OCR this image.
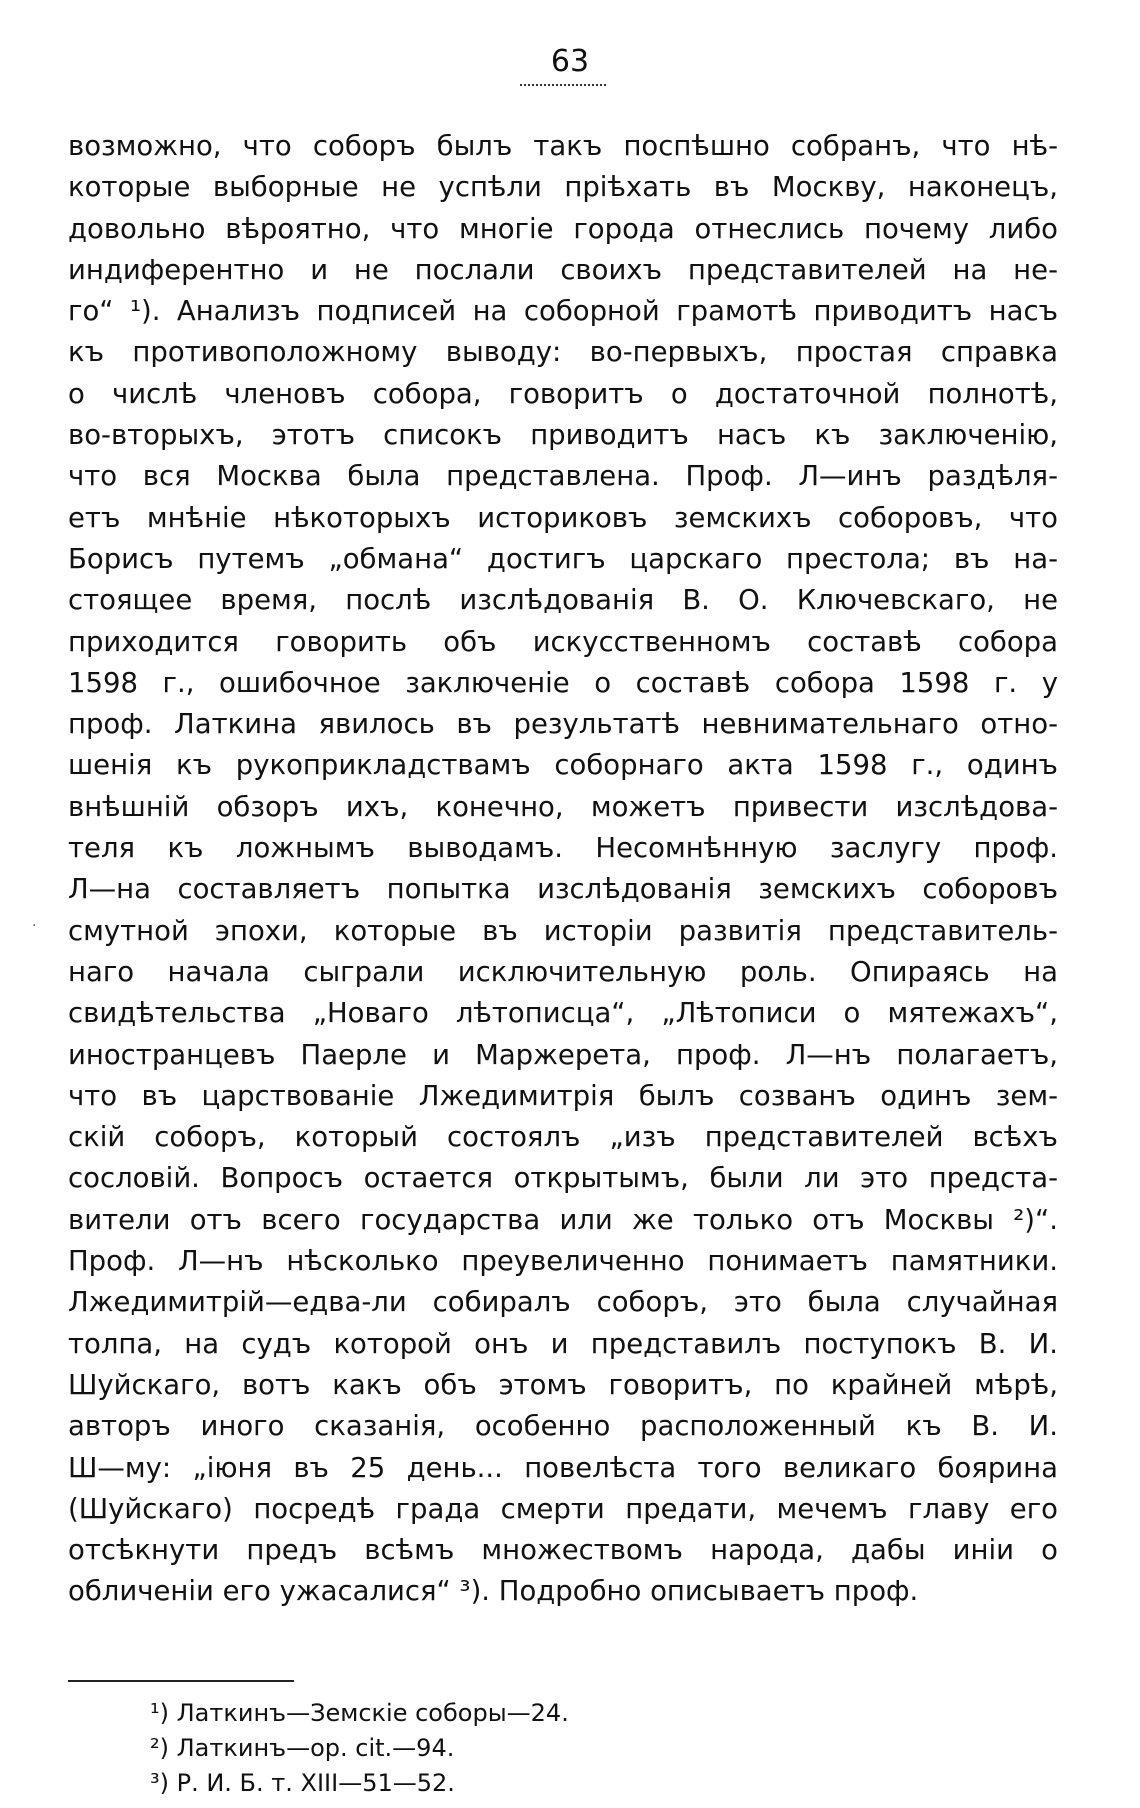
63
·
возможно, что соборъ былъ такъ поспѣшно собранъ, что нѣ-
которые выборные не успѣли пріѣхать въ Москву, наконецъ,
довольно вѣроятно, что многіе города отнеслись почему либо
индиферентно и не послали своихъ представителей на не-
го“ ¹). Анализъ подписей на соборной грамотѣ приводитъ насъ
къ противоположному выводу: во-первыхъ, простая справка
о числѣ членовъ собора, говоритъ о достаточной полнотѣ,
во-вторыхъ, этотъ списокъ приводитъ насъ къ заключенію,
что вся Москва была представлена. Проф. Л—инъ раздѣля-
етъ мнѣніе нѣкоторыхъ историковъ земскихъ соборовъ, что
Борисъ путемъ „обмана“ достигъ царскаго престола; въ на-
стоящее время, послѣ изслѣдованія В. О. Ключевскаго, не
приходится говорить объ искусственномъ составѣ собора
1598 г., ошибочное заключеніе о составѣ собора 1598 г. у
проф. Латкина явилось въ результатѣ невнимательнаго отно-
шенія къ рукоприкладствамъ собoрнаго акта 1598 г., одинъ
внѣшній обзоръ ихъ, конечно, можетъ привести изслѣдова-
теля къ ложнымъ выводамъ. Несомнѣнную заслугу проф.
Л—на составляетъ попытка изслѣдованія земскихъ соборовъ
смутной эпохи, которые въ исторіи развитія представитель-
наго начала сыграли исключительную роль. Опираясь на
свидѣтельства „Новаго лѣтописца“, „Лѣтописи о мятежахъ“,
иностранцевъ Паерле и Маржерета, проф. Л—нъ полагаетъ,
что въ царствованіе Лжедимитрія былъ созванъ одинъ зем-
скій соборъ, который состоялъ „изъ представителей всѣхъ
сословій. Вопросъ остается открытымъ, были ли это предста-
вители отъ всего государства или же только отъ Москвы ²)“.
Проф. Л—нъ нѣсколько преувеличенно понимаетъ памятники.
Лжедимитрій—едва-ли собиралъ соборъ, это была случайная
толпа, на судъ которой онъ и представилъ поступокъ В. И.
Шуйскаго, вотъ какъ объ этомъ говоритъ, по крайней мѣрѣ,
авторъ иного сказанія, особенно расположенный къ В. И.
Ш—му: „іюня въ 25 день... повелѣста того великаго боярина
(Шуйскаго) посредѣ града смерти предати, мечемъ главу его
отсѣкнути предъ всѣмъ множествомъ народа, дабы иніи о
обличеніи его ужасалися“ ³). Подробно описываетъ проф.
¹) Латкинъ—Земскіе соборы—24.
²) Латкинъ—op. cit.—94.
³) Р. И. Б. т. XIII—51—52.
